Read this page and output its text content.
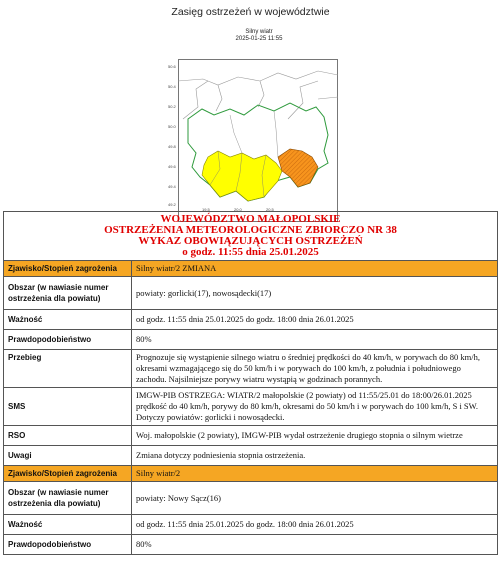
Zasięg ostrzeżeń w województwie
Silny wiatr
2025-01-25 11:55
50.6
50.4
50.2
50.0
49.8
49.6
49.4
49.2
19.5	20.0	20.5
WOJEWÓDZTWO MAŁOPOLSKIE
OSTRZEŻENIA METEOROLOGICZNE ZBIORCZO NR 38
WYKAZ OBOWIĄZUJĄCYCH OSTRZEŻEŃ
o godz. 11:55 dnia 25.01.2025	

Zjawisko/Stopień zagrożenia	Silny wiatr/2 ZMIANA
Obszar (w nawiasie numer ostrzeżenia dla powiatu)	powiaty: gorlicki(17), nowosądecki(17)
Ważność	od godz. 11:55 dnia 25.01.2025 do godz. 18:00 dnia 26.01.2025
Prawdopodobieństwo	80%
Przebieg	Prognozuje się wystąpienie silnego wiatru o średniej prędkości do 40 km/h, w porywach do 80 km/h, okresami wzmagającego się do 50 km/h i w porywach do 100 km/h, z południa i południowego zachodu. Najsilniejsze porywy wiatru wystąpią w godzinach porannych.
SMS	IMGW-PIB OSTRZEGA: WIATR/2 małopolskie (2 powiaty) od 11:55/25.01 do 18:00/26.01.2025 prędkość do 40 km/h, porywy do 80 km/h, okresami do 50 km/h i w porywach do 100 km/h, S i SW. Dotyczy powiatów: gorlicki i nowosądecki.
RSO	Woj. małopolskie (2 powiaty), IMGW-PIB wydał ostrzeżenie drugiego stopnia o silnym wietrze
Uwagi	Zmiana dotyczy podniesienia stopnia ostrzeżenia.
Zjawisko/Stopień zagrożenia	Silny wiatr/2
Obszar (w nawiasie numer ostrzeżenia dla powiatu)	powiaty: Nowy Sącz(16)
Ważność	od godz. 11:55 dnia 25.01.2025 do godz. 18:00 dnia 26.01.2025
Prawdopodobieństwo	80%
